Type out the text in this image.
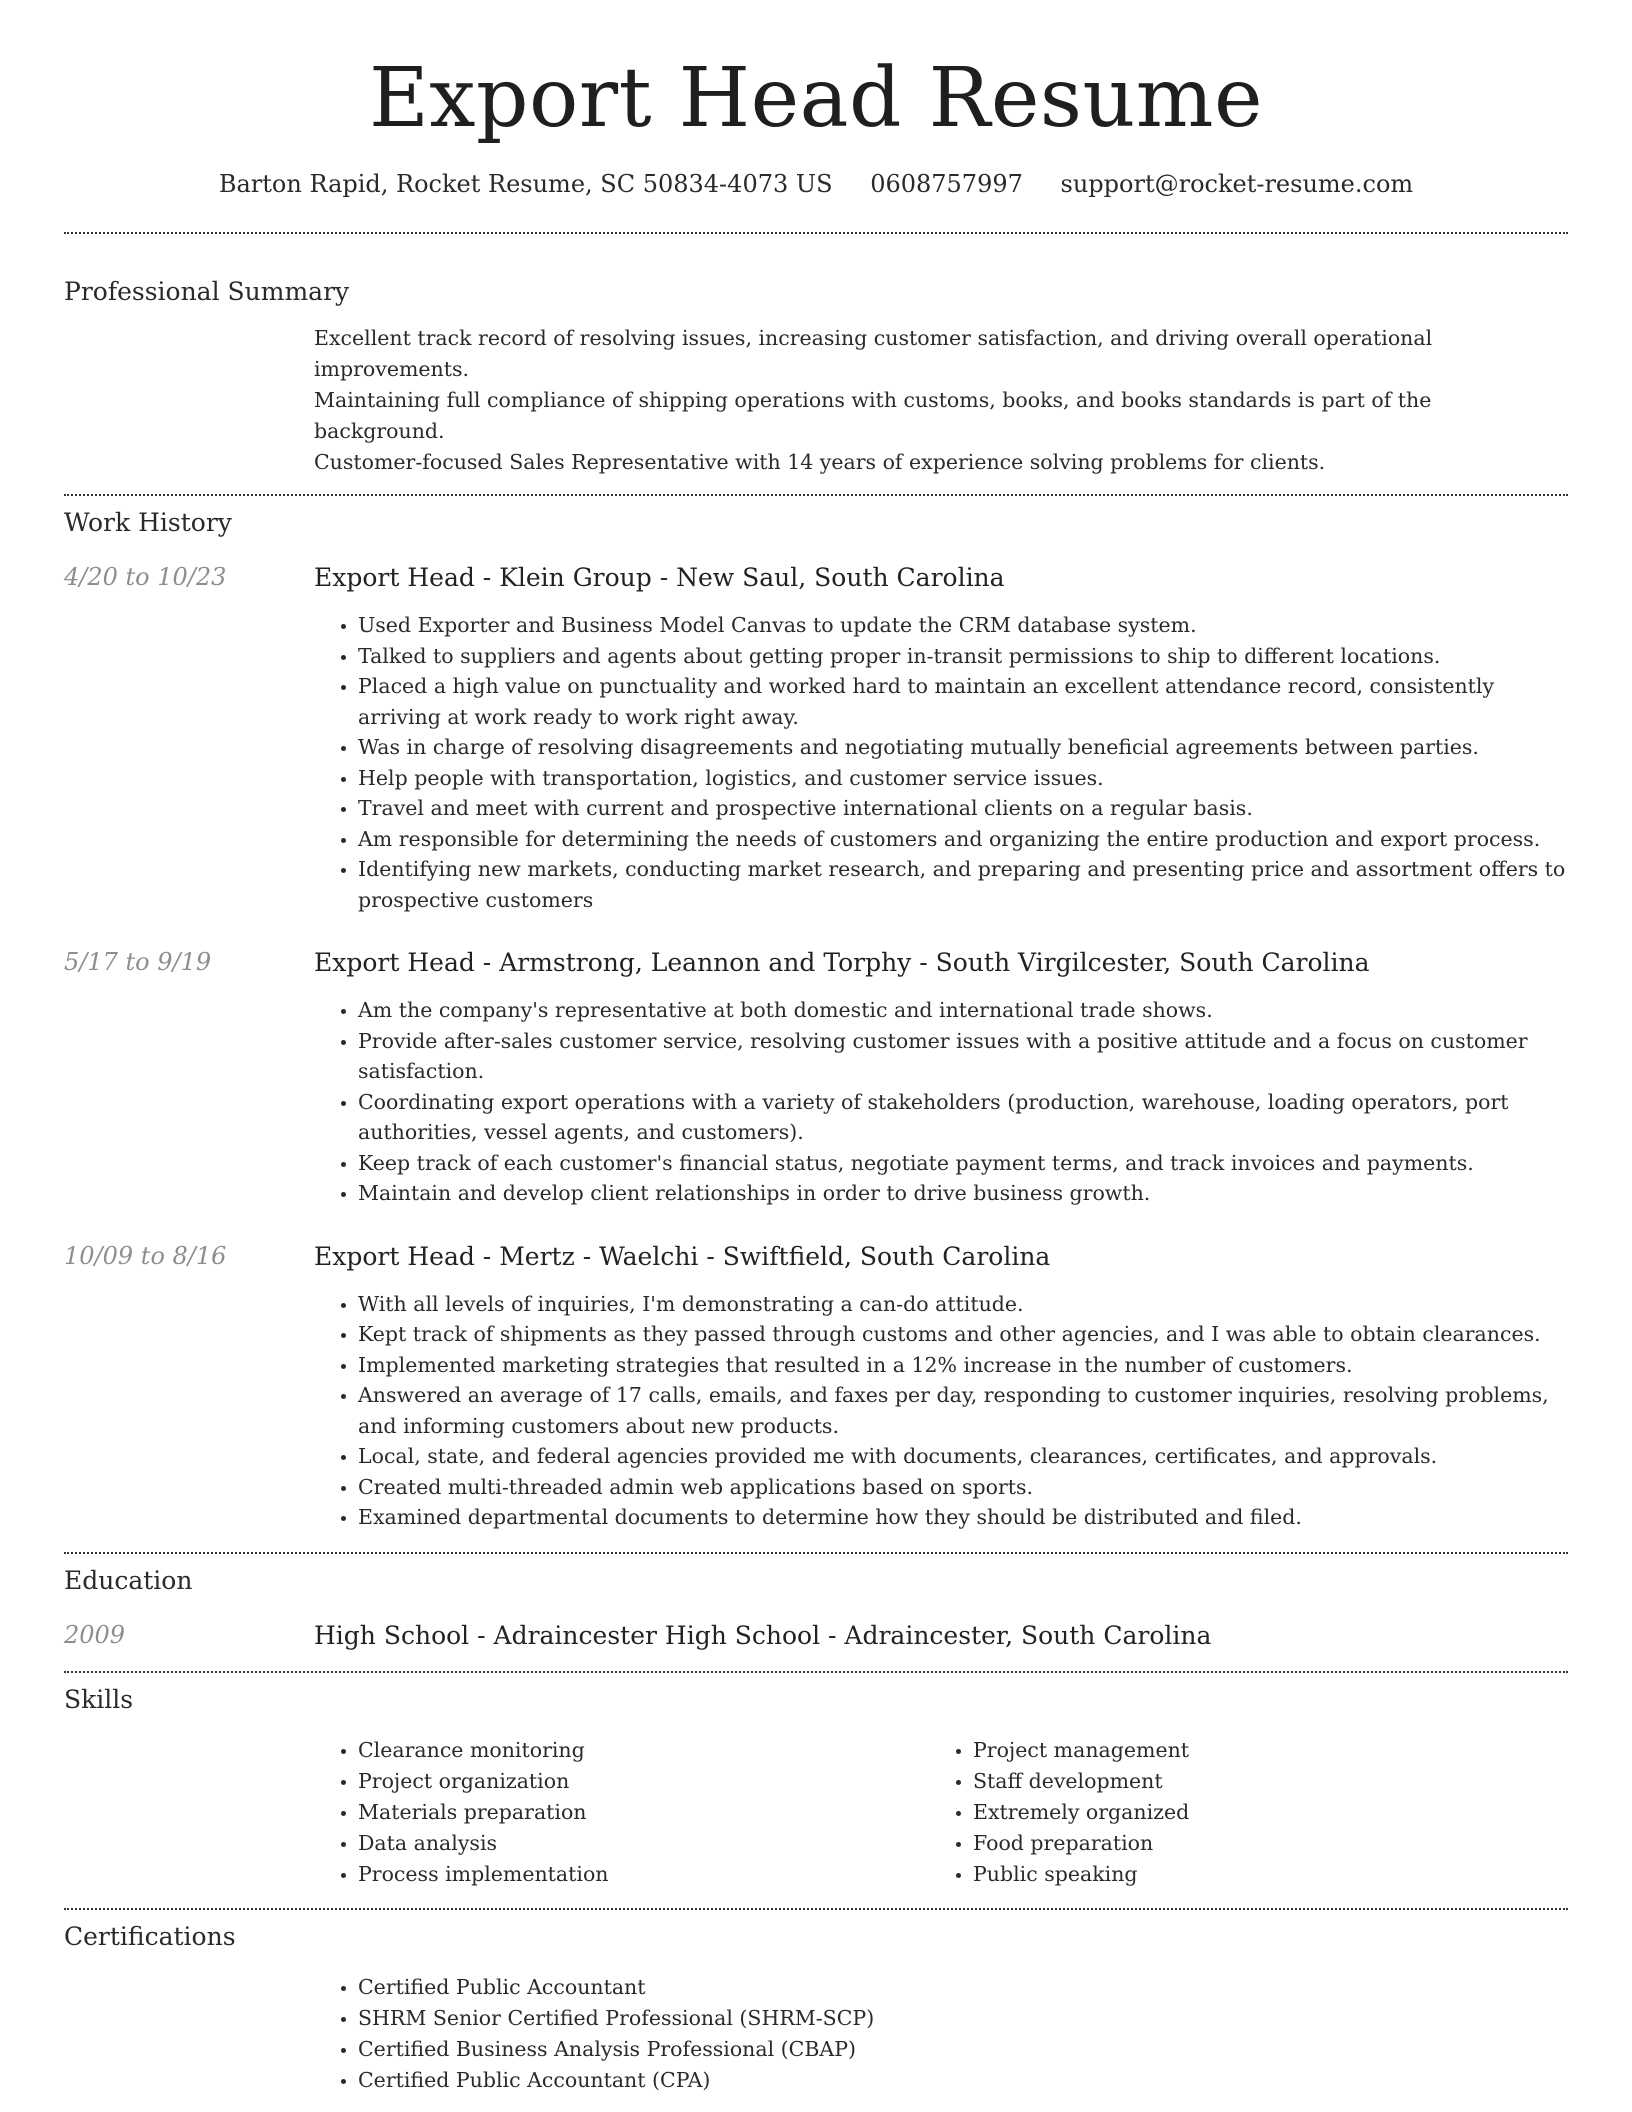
Export Head Resume
Barton Rapid, Rocket Resume, SC 50834-4073 US 0608757997 support@rocket-resume.com
Professional Summary
Excellent track record of resolving issues, increasing customer satisfaction, and driving overall operational improvements.
Maintaining full compliance of shipping operations with customs, books, and books standards is part of the background.
Customer-focused Sales Representative with 14 years of experience solving problems for clients.
Work History
4/20 to 10/23	Export Head - Klein Group - New Saul, South Carolina
• Used Exporter and Business Model Canvas to update the CRM database system.
• Talked to suppliers and agents about getting proper in-transit permissions to ship to different locations.
• Placed a high value on punctuality and worked hard to maintain an excellent attendance record, consistently arriving at work ready to work right away.
• Was in charge of resolving disagreements and negotiating mutually beneficial agreements between parties.
• Help people with transportation, logistics, and customer service issues.
• Travel and meet with current and prospective international clients on a regular basis.
• Am responsible for determining the needs of customers and organizing the entire production and export process.
• Identifying new markets, conducting market research, and preparing and presenting price and assortment offers to prospective customers
5/17 to 9/19	Export Head - Armstrong, Leannon and Torphy - South Virgilcester, South Carolina
• Am the company's representative at both domestic and international trade shows.
• Provide after-sales customer service, resolving customer issues with a positive attitude and a focus on customer satisfaction.
• Coordinating export operations with a variety of stakeholders (production, warehouse, loading operators, port authorities, vessel agents, and customers).
• Keep track of each customer's financial status, negotiate payment terms, and track invoices and payments.
• Maintain and develop client relationships in order to drive business growth.
10/09 to 8/16	Export Head - Mertz - Waelchi - Swiftfield, South Carolina
• With all levels of inquiries, I'm demonstrating a can-do attitude.
• Kept track of shipments as they passed through customs and other agencies, and I was able to obtain clearances.
• Implemented marketing strategies that resulted in a 12% increase in the number of customers.
• Answered an average of 17 calls, emails, and faxes per day, responding to customer inquiries, resolving problems, and informing customers about new products.
• Local, state, and federal agencies provided me with documents, clearances, certificates, and approvals.
• Created multi-threaded admin web applications based on sports.
• Examined departmental documents to determine how they should be distributed and filed.
Education
2009	High School - Adraincester High School - Adraincester, South Carolina
Skills
• Clearance monitoring
• Project organization
• Materials preparation
• Data analysis
• Process implementation
• Project management
• Staff development
• Extremely organized
• Food preparation
• Public speaking
Certifications
• Certified Public Accountant
• SHRM Senior Certified Professional (SHRM-SCP)
• Certified Business Analysis Professional (CBAP)
• Certified Public Accountant (CPA)
